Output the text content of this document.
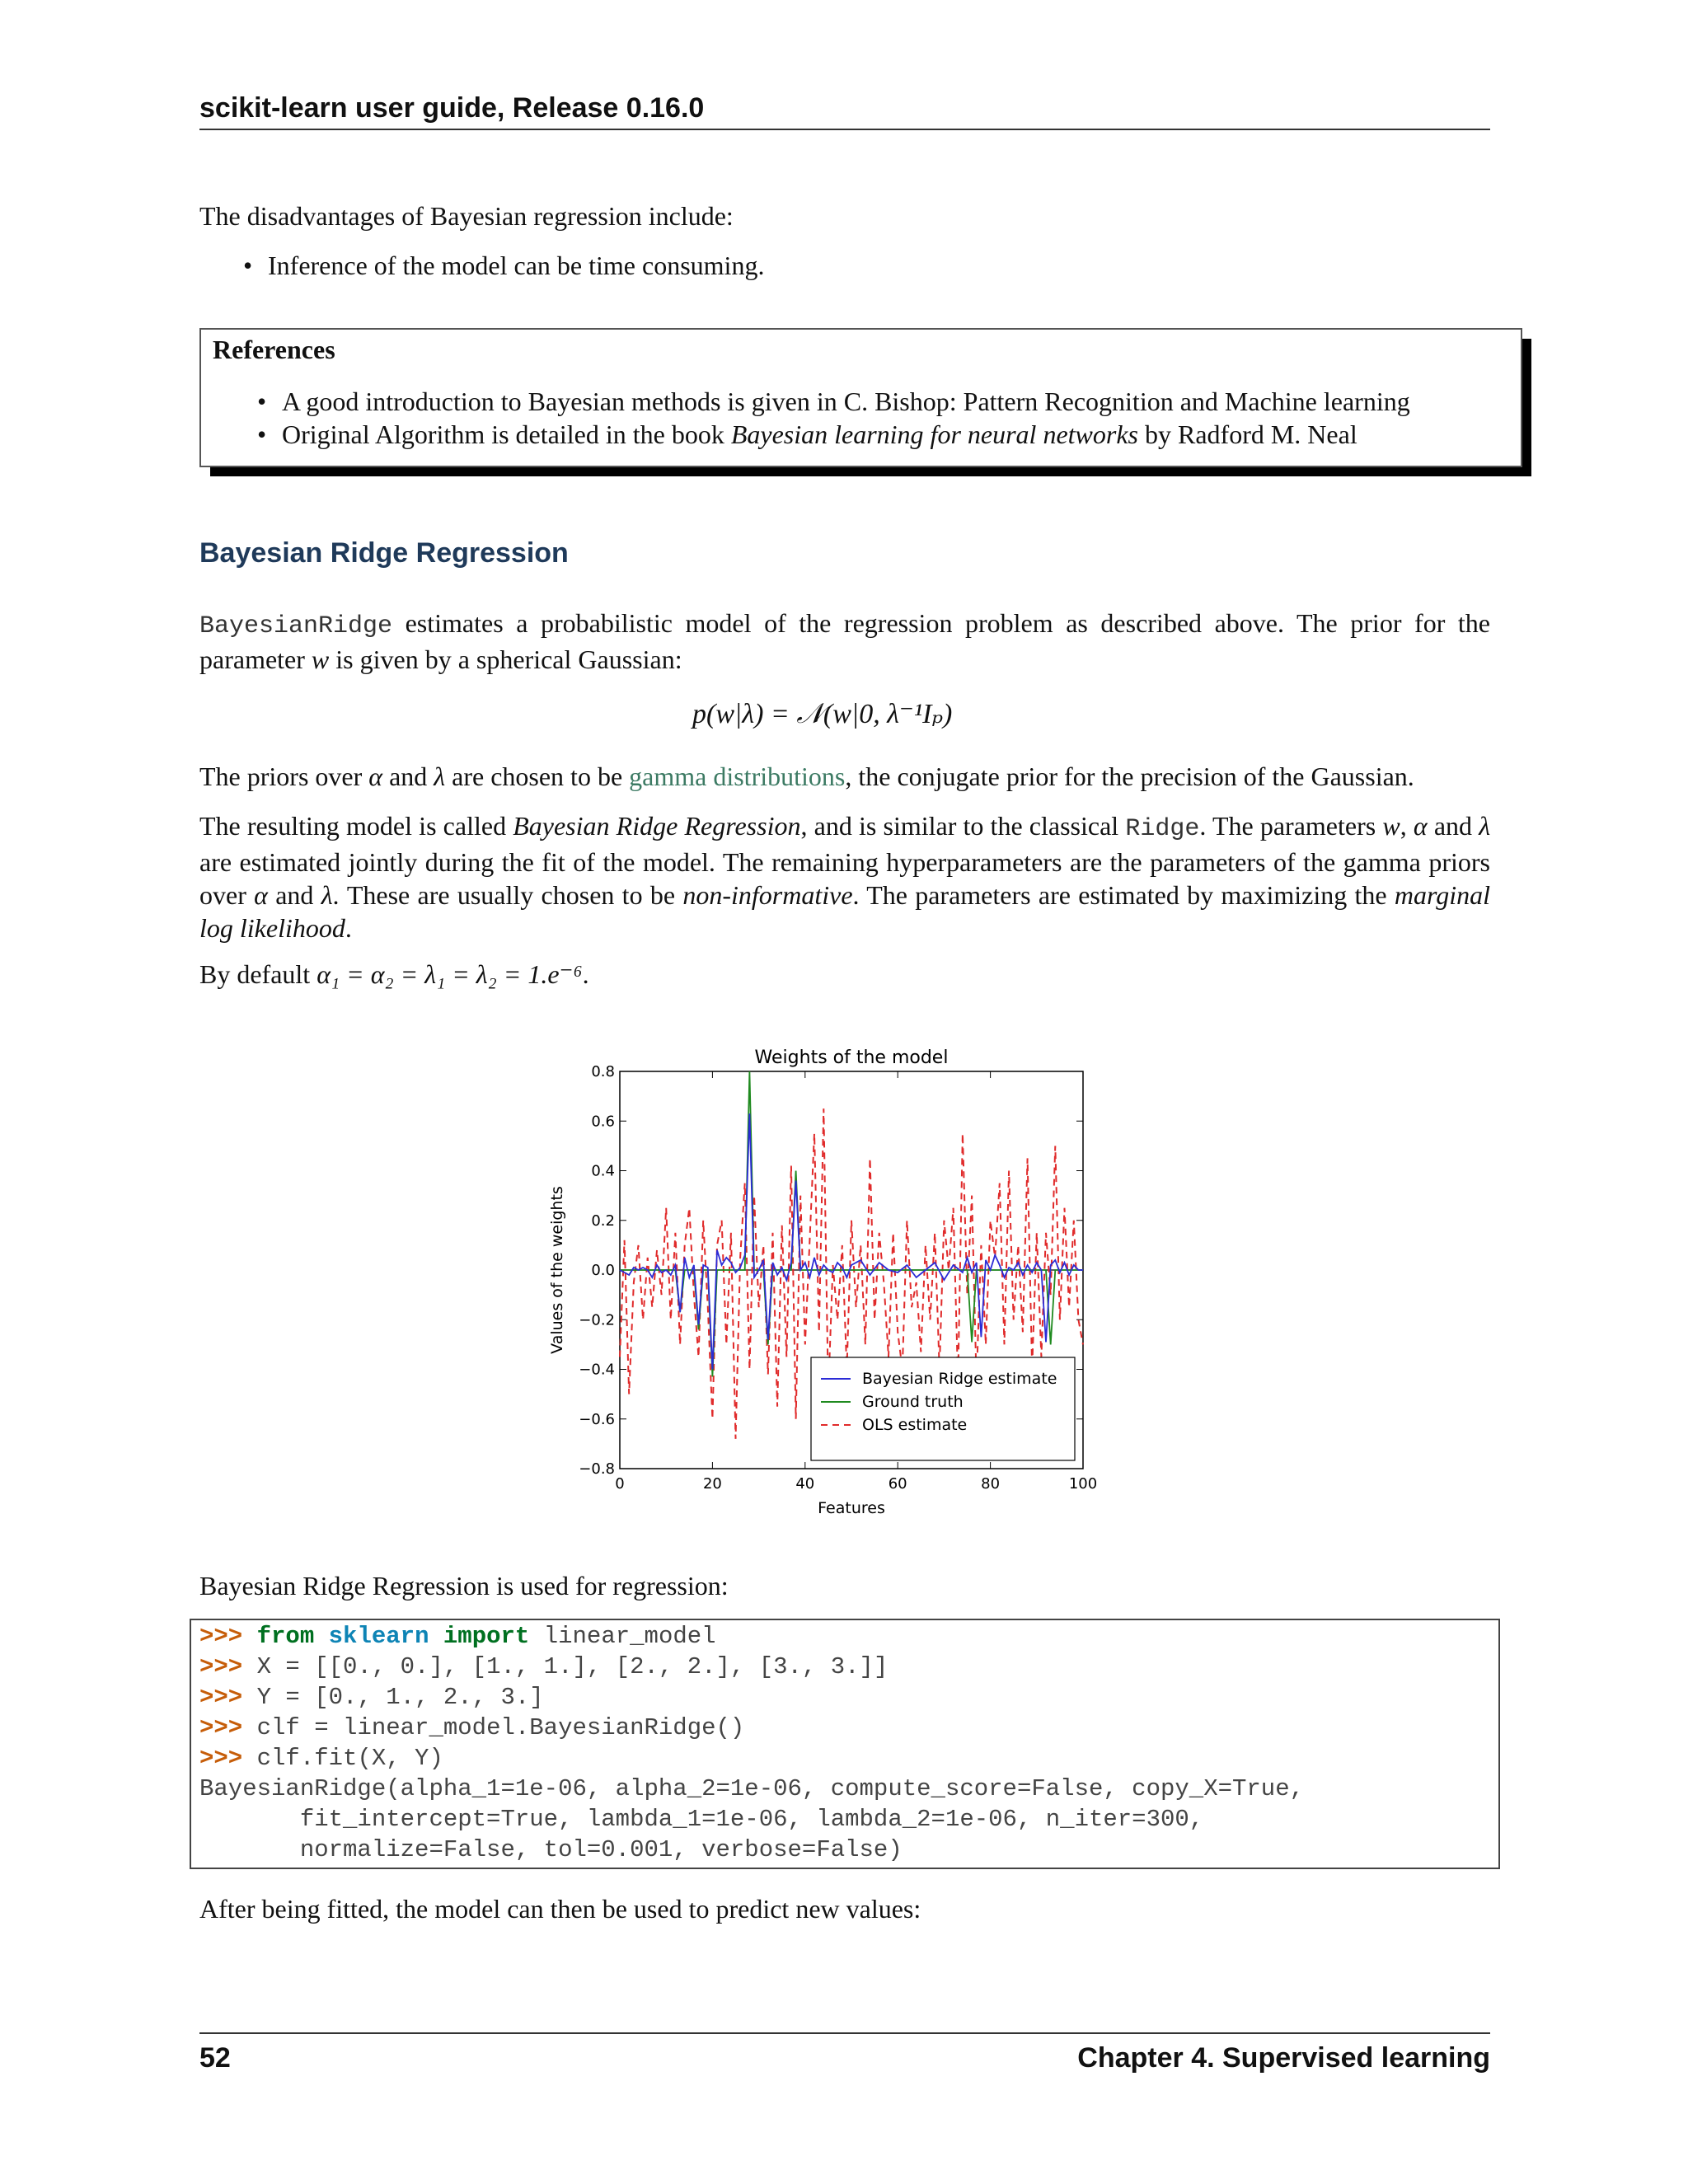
scikit-learn user guide, Release 0.16.0
The disadvantages of Bayesian regression include:
• Inference of the model can be time consuming.
References
• A good introduction to Bayesian methods is given in C. Bishop: Pattern Recognition and Machine learning
• Original Algorithm is detailed in the book Bayesian learning for neural networks by Radford M. Neal
Bayesian Ridge Regression
BayesianRidge estimates a probabilistic model of the regression problem as described above. The prior for the parameter w is given by a spherical Gaussian:
p(w|λ) = 𝒩(w|0, λ⁻¹Iₚ)
The priors over α and λ are chosen to be gamma distributions, the conjugate prior for the precision of the Gaussian.
The resulting model is called Bayesian Ridge Regression, and is similar to the classical Ridge. The parameters w, α and λ are estimated jointly during the fit of the model. The remaining hyperparameters are the parameters of the gamma priors over α and λ. These are usually chosen to be non-informative. The parameters are estimated by maximizing the marginal log likelihood.
By default α₁ = α₂ = λ₁ = λ₂ = 1.e⁻⁶.
−0.8
−0.6
−0.4
−0.2
0.0
0.2
0.4
0.6
0.8
0	20	40	60	80	100
Weights of the model
Features
Values of the weights
Bayesian Ridge estimate
Ground truth
OLS estimate
Bayesian Ridge Regression is used for regression:
>>> from sklearn import linear_model
>>> X = [[0., 0.], [1., 1.], [2., 2.], [3., 3.]]
>>> Y = [0., 1., 2., 3.]
>>> clf = linear_model.BayesianRidge()
>>> clf.fit(X, Y)
BayesianRidge(alpha_1=1e-06, alpha_2=1e-06, compute_score=False, copy_X=True,
fit_intercept=True, lambda_1=1e-06, lambda_2=1e-06, n_iter=300,
normalize=False, tol=0.001, verbose=False)
After being fitted, the model can then be used to predict new values:
52	Chapter 4. Supervised learning
